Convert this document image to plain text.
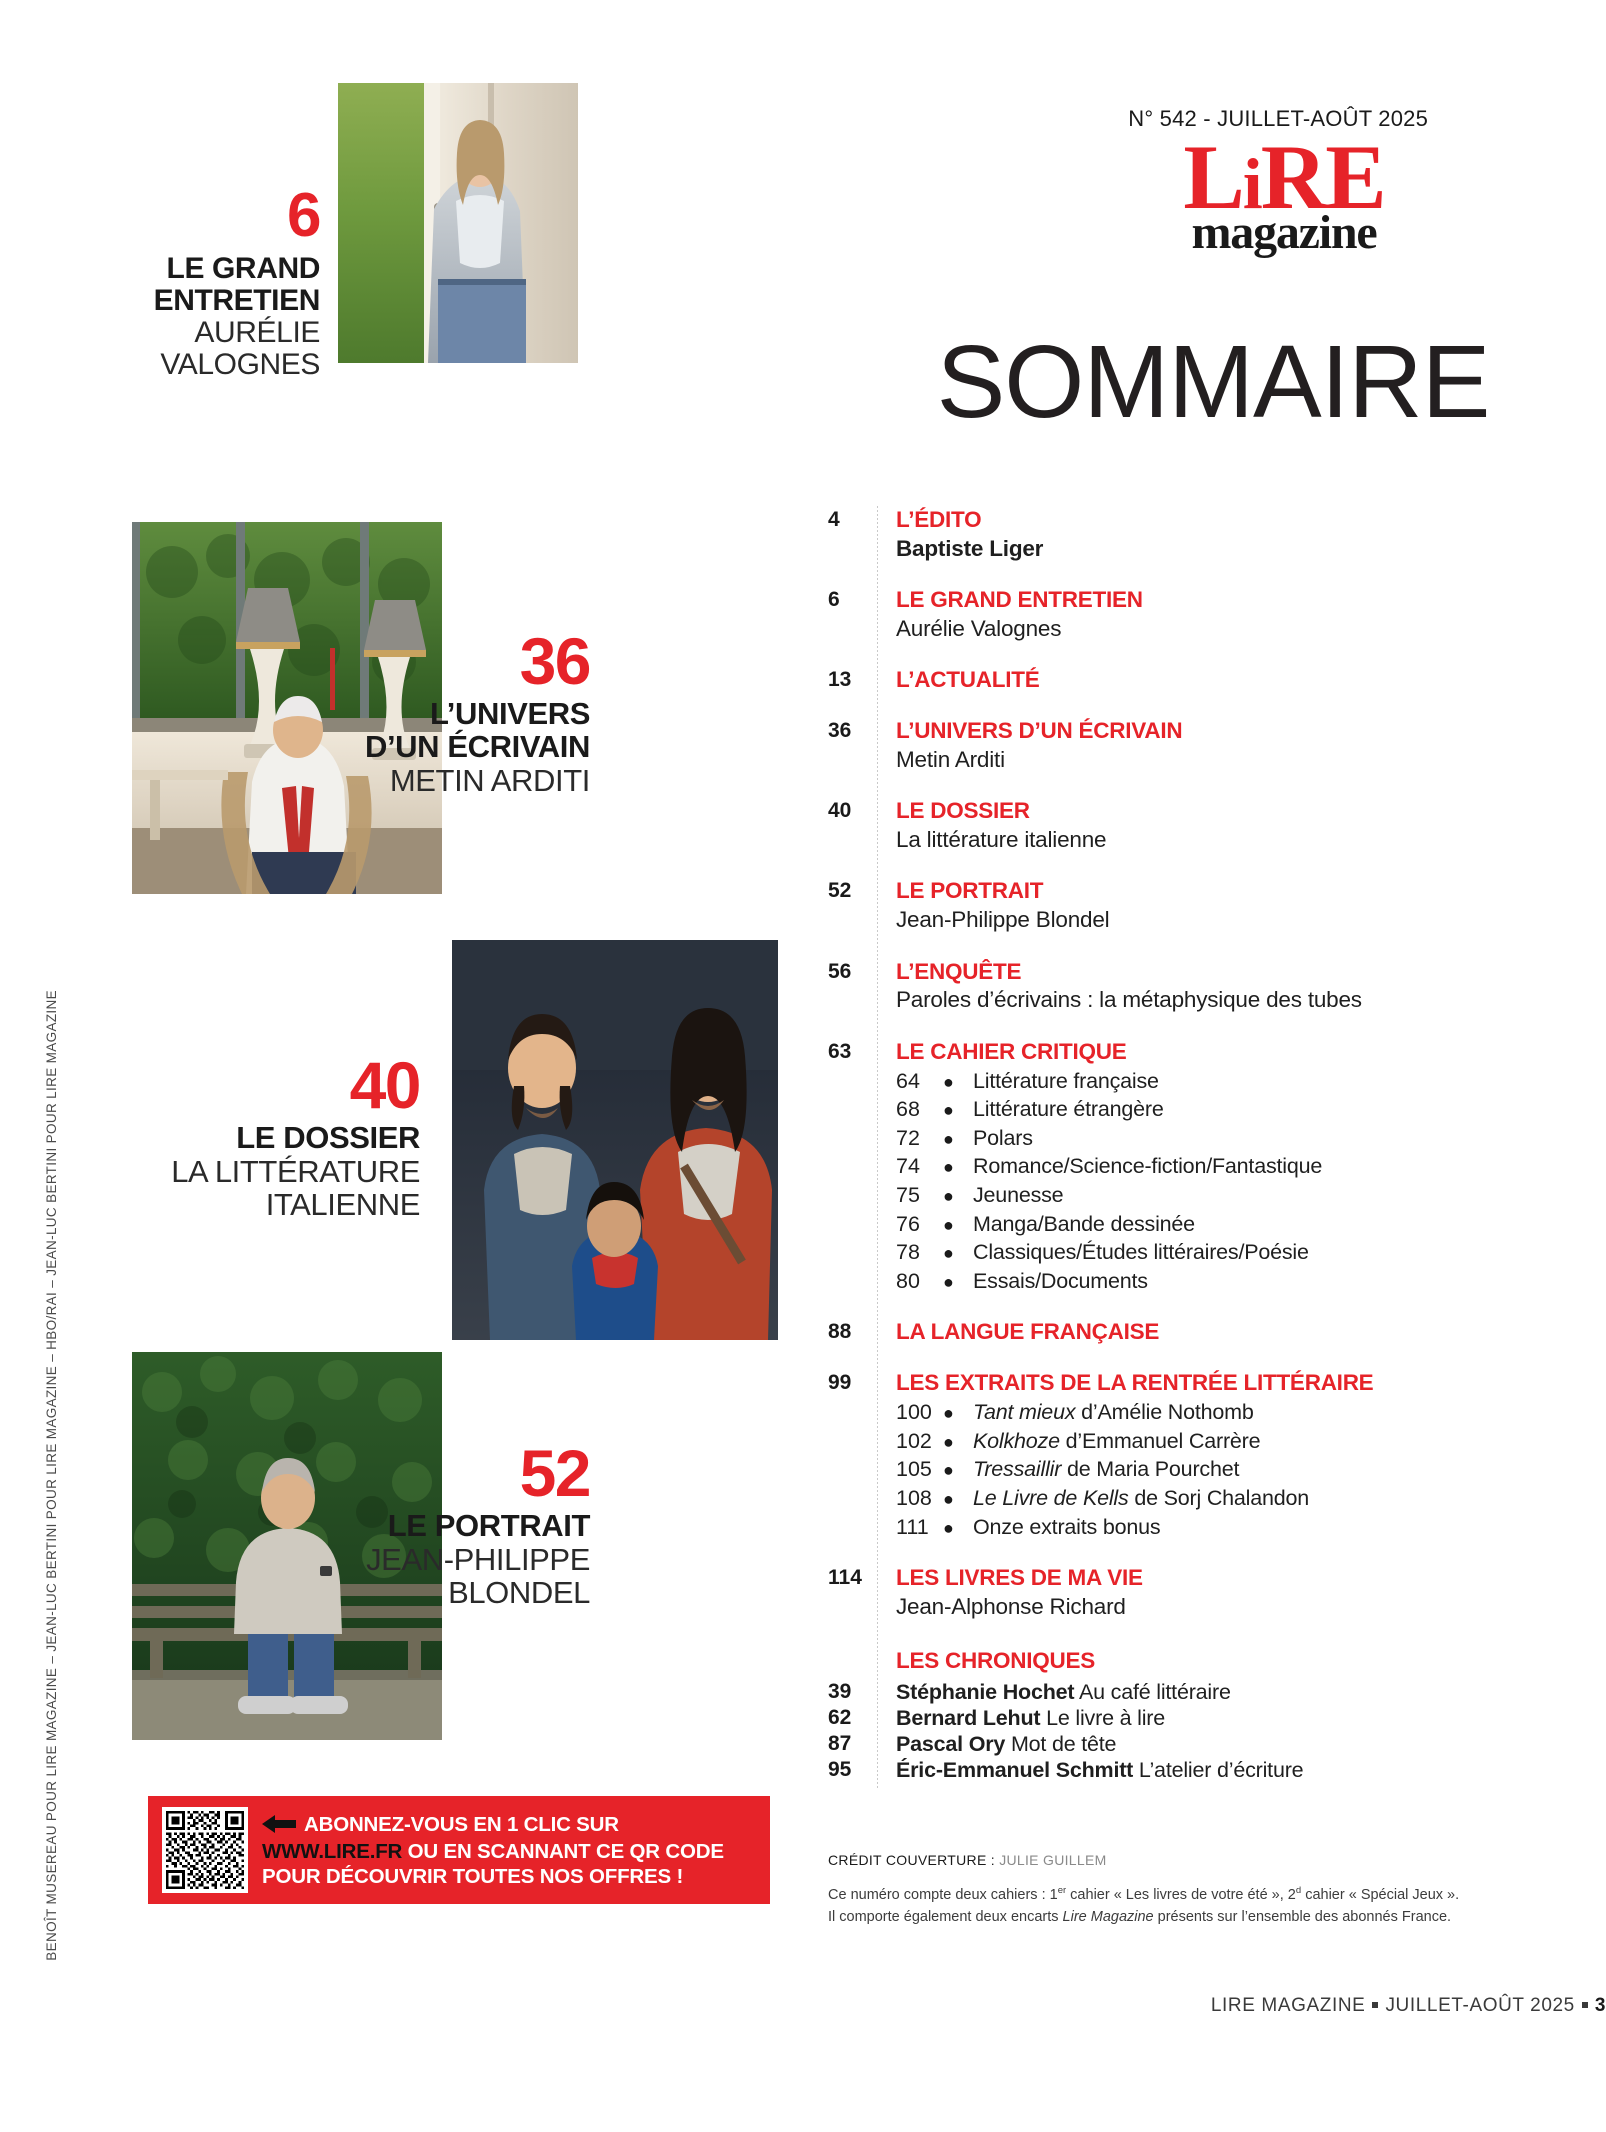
BENOÎT MUSEREAU POUR LIRE MAGAZINE – JEAN-LUC BERTINI POUR LIRE MAGAZINE – HBO/RAI – JEAN-LUC BERTINI POUR LIRE MAGAZINE
6
LE GRAND
ENTRETIEN
AURÉLIE
VALOGNES
36
L’UNIVERS
D’UN ÉCRIVAIN
METIN ARDITI
40
LE DOSSIER
LA LITTÉRATURE
ITALIENNE
52
LE PORTRAIT
JEAN-PHILIPPE
BLONDEL
ABONNEZ-VOUS EN 1 CLIC SUR
WWW.LIRE.FR OU EN SCANNANT CE QR CODE
POUR DÉCOUVRIR TOUTES NOS OFFRES !
N° 542 - JUILLET-AOÛT 2025
LiRE
magazine
SOMMAIRE
4	L’ÉDITO
Baptiste Liger
6	LE GRAND ENTRETIEN
Aurélie Valognes
13	L’ACTUALITÉ
36	L’UNIVERS D’UN ÉCRIVAIN
Metin Arditi
40	LE DOSSIER
La littérature italienne
52	LE PORTRAIT
Jean-Philippe Blondel
56	L’ENQUÊTE
Paroles d’écrivains : la métaphysique des tubes
63	LE CAHIER CRITIQUE
64	● Littérature française
68	● Littérature étrangère
72	● Polars
74	● Romance/Science-fiction/Fantastique
75	● Jeunesse
76	● Manga/Bande dessinée
78	● Classiques/Études littéraires/Poésie
80	● Essais/Documents
88	LA LANGUE FRANÇAISE
99	LES EXTRAITS DE LA RENTRÉE LITTÉRAIRE
100 ● Tant mieux d’Amélie Nothomb
102 ● Kolkhoze d’Emmanuel Carrère
105 ● Tressaillir de Maria Pourchet
108 ● Le Livre de Kells de Sorj Chalandon
111 ● Onze extraits bonus
114	LES LIVRES DE MA VIE
Jean-Alphonse Richard
LES CHRONIQUES
39	Stéphanie Hochet Au café littéraire
62	Bernard Lehut Le livre à lire
87	Pascal Ory Mot de tête
95	Éric-Emmanuel Schmitt L’atelier d’écriture
CRÉDIT COUVERTURE : JULIE GUILLEM
Ce numéro compte deux cahiers : 1er cahier « Les livres de votre été », 2$^d$ cahier « Spécial Jeux ».
Il comporte également deux encarts Lire Magazine présents sur l’ensemble des abonnés France.
LIRE MAGAZINE JUILLET-AOÛT 2025 3
